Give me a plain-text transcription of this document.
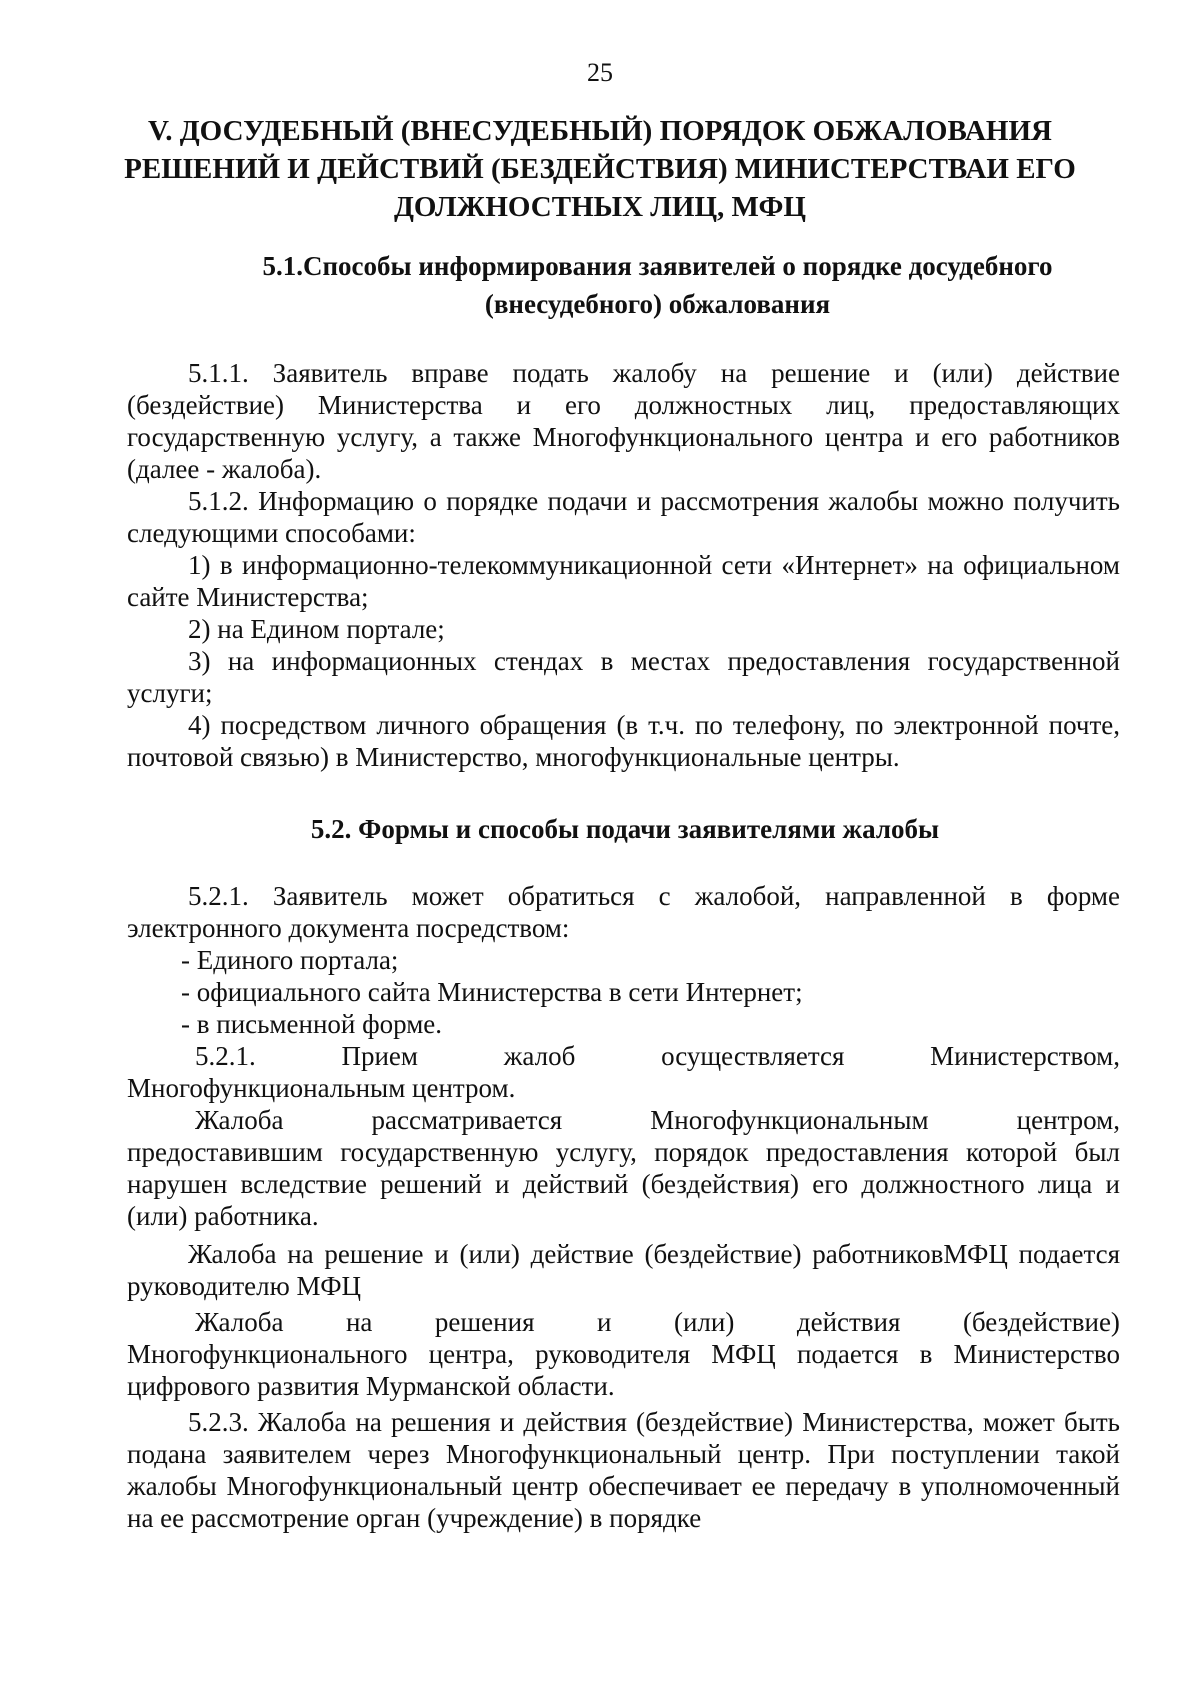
25
V. ДОСУДЕБНЫЙ (ВНЕСУДЕБНЫЙ) ПОРЯДОК ОБЖАЛОВАНИЯ РЕШЕНИЙ И ДЕЙСТВИЙ (БЕЗДЕЙСТВИЯ) МИНИСТЕРСТВАИ ЕГО ДОЛЖНОСТНЫХ ЛИЦ, МФЦ
5.1.Способы информирования заявителей о порядке досудебного (внесудебного) обжалования

5.1.1. Заявитель вправе подать жалобу на решение и (или) действие (бездействие) Министерства и его должностных лиц, предоставляющих государственную услугу, а также Многофункционального центра и его работников (далее - жалоба).

5.1.2. Информацию о порядке подачи и рассмотрения жалобы можно получить следующими способами:

1) в информационно-телекоммуникационной сети «Интернет» на официальном сайте Министерства;

2) на Едином портале;

3) на информационных стендах в местах предоставления государственной услуги;

4) посредством личного обращения (в т.ч. по телефону, по электронной почте, почтовой связью) в Министерство, многофункциональные центры.

5.2. Формы и способы подачи заявителями жалобы

5.2.1. Заявитель может обратиться с жалобой, направленной в форме электронного документа посредством:

- Единого портала;

- официального сайта Министерства в сети Интернет;

- в письменной форме.

5.2.1.	Прием	жалоб	осуществляется	Министерством,

Многофункциональным центром.

Жалоба	рассматривается	Многофункциональным	центром,

предоставившим государственную услугу, порядок предоставления которой был нарушен вследствие решений и действий (бездействия) его должностного лица и (или) работника.

Жалоба на решение и (или) действие (бездействие) работниковМФЦ подается руководителю МФЦ

Жалоба на решения и (или) действия (бездействие)

Многофункционального центра, руководителя МФЦ подается в Министерство цифрового развития Мурманской области.

5.2.3. Жалоба на решения и действия (бездействие) Министерства, может быть подана заявителем через Многофункциональный центр. При поступлении такой жалобы Многофункциональный центр обеспечивает ее передачу в уполномоченный на ее рассмотрение орган (учреждение) в порядке
